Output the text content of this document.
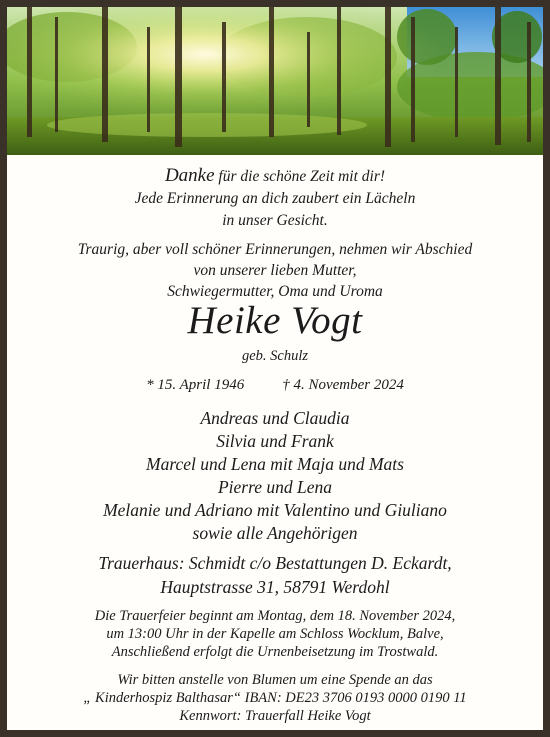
Danke für die schöne Zeit mit dir!
Jede Erinnerung an dich zaubert ein Lächeln
in unser Gesicht.
Traurig, aber voll schöner Erinnerungen, nehmen wir Abschied
von unserer lieben Mutter,
Schwiegermutter, Oma und Uroma
Heike Vogt
geb. Schulz
* 15. April 1946	† 4. November 2024
Andreas und Claudia
Silvia und Frank
Marcel und Lena mit Maja und Mats
Pierre und Lena
Melanie und Adriano mit Valentino und Giuliano
sowie alle Angehörigen
Trauerhaus: Schmidt c/o Bestattungen D. Eckardt,
Hauptstrasse 31, 58791 Werdohl
Die Trauerfeier beginnt am Montag, dem 18. November 2024,
um 13:00 Uhr in der Kapelle am Schloss Wocklum, Balve,
Anschließend erfolgt die Urnenbeisetzung im Trostwald.
Wir bitten anstelle von Blumen um eine Spende an das
„ Kinderhospiz Balthasar“ IBAN: DE23 3706 0193 0000 0190 11
Kennwort: Trauerfall Heike Vogt
